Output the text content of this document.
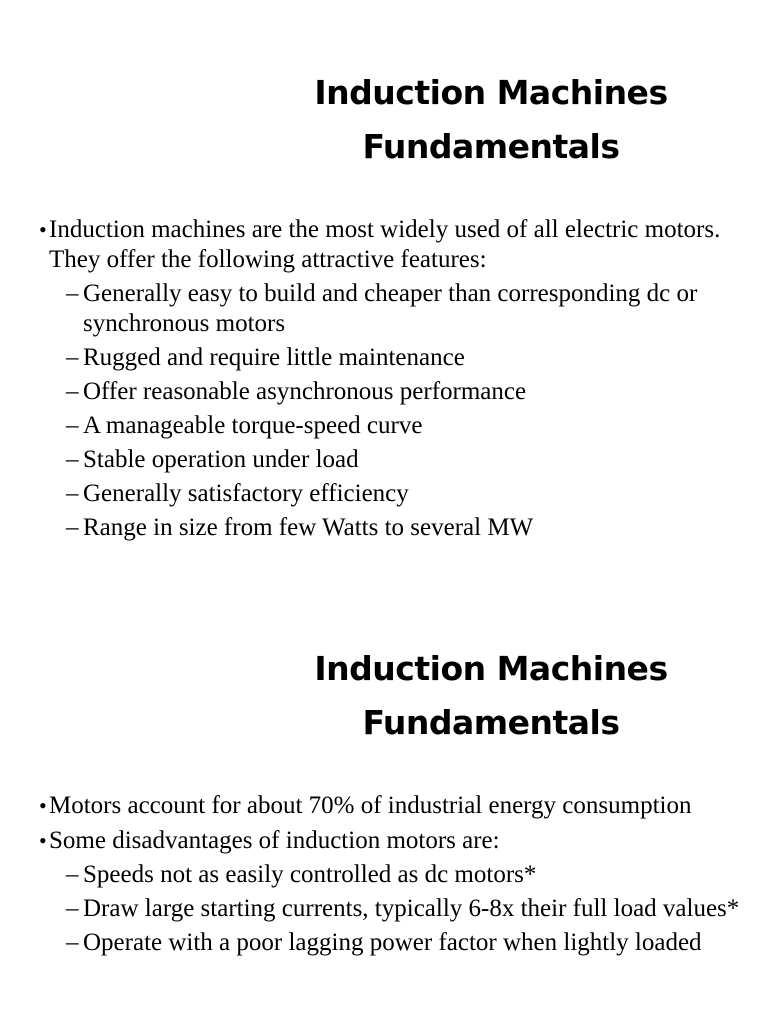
Induction Machines
Fundamentals
• Induction machines are the most widely used of all electric motors. They offer the following attractive features:
– Generally easy to build and cheaper than corresponding dc or synchronous motors
– Rugged and require little maintenance
– Offer reasonable asynchronous performance
– A manageable torque-speed curve
– Stable operation under load
– Generally satisfactory efficiency
– Range in size from few Watts to several MW
Induction Machines
Fundamentals
• Motors account for about 70% of industrial energy consumption
• Some disadvantages of induction motors are:
– Speeds not as easily controlled as dc motors*
– Draw large starting currents, typically 6-8x their full load values*
– Operate with a poor lagging power factor when lightly loaded
